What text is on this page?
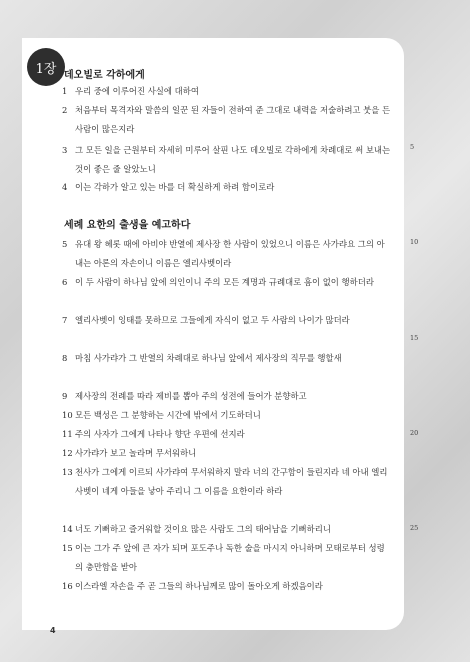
1장 데오빌로 각하에게
1 우리 중에 이루어진 사실에 대하여
2 처음부터 목격자와 말씀의 일꾼 된 자들이 전하여 준 그대로 내력을 저술하려고 붓을 든 사람이 많은지라
3 그 모든 일을 근원부터 자세히 미루어 살핀 나도 데오빌로 각하에게 차례대로 써 보내는 것이 좋은 줄 알았노니
4 이는 각하가 알고 있는 바를 더 확실하게 하려 함이로라
세례 요한의 출생을 예고하다
5 유대 왕 헤롯 때에 아비야 반열에 제사장 한 사람이 있었으니 이름은 사가랴요 그의 아내는 아론의 자손이니 이름은 엘리사벳이라
6 이 두 사람이 하나님 앞에 의인이니 주의 모든 계명과 규례대로 흠이 없이 행하더라
7 엘리사벳이 잉태를 못하므로 그들에게 자식이 없고 두 사람의 나이가 많더라
8 마침 사가랴가 그 반열의 차례대로 하나님 앞에서 제사장의 직무를 행할새
9 제사장의 전례를 따라 제비를 뽑아 주의 성전에 들어가 분향하고
10 모든 백성은 그 분향하는 시간에 밖에서 기도하더니
11 주의 사자가 그에게 나타나 향단 우편에 선지라
12 사가랴가 보고 놀라며 무서워하니
13 천사가 그에게 이르되 사가랴여 무서워하지 말라 너의 간구함이 들린지라 네 아내 엘리사벳이 네게 아들을 낳아 주리니 그 이름을 요한이라 하라
14 너도 기뻐하고 즐거워할 것이요 많은 사람도 그의 태어남을 기뻐하리니
15 이는 그가 주 앞에 큰 자가 되며 포도주나 독한 술을 마시지 아니하며 모태로부터 성령의 충만함을 받아
16 이스라엘 자손을 주 곧 그들의 하나님께로 많이 돌아오게 하겠음이라
5
10
15
20
25
4
